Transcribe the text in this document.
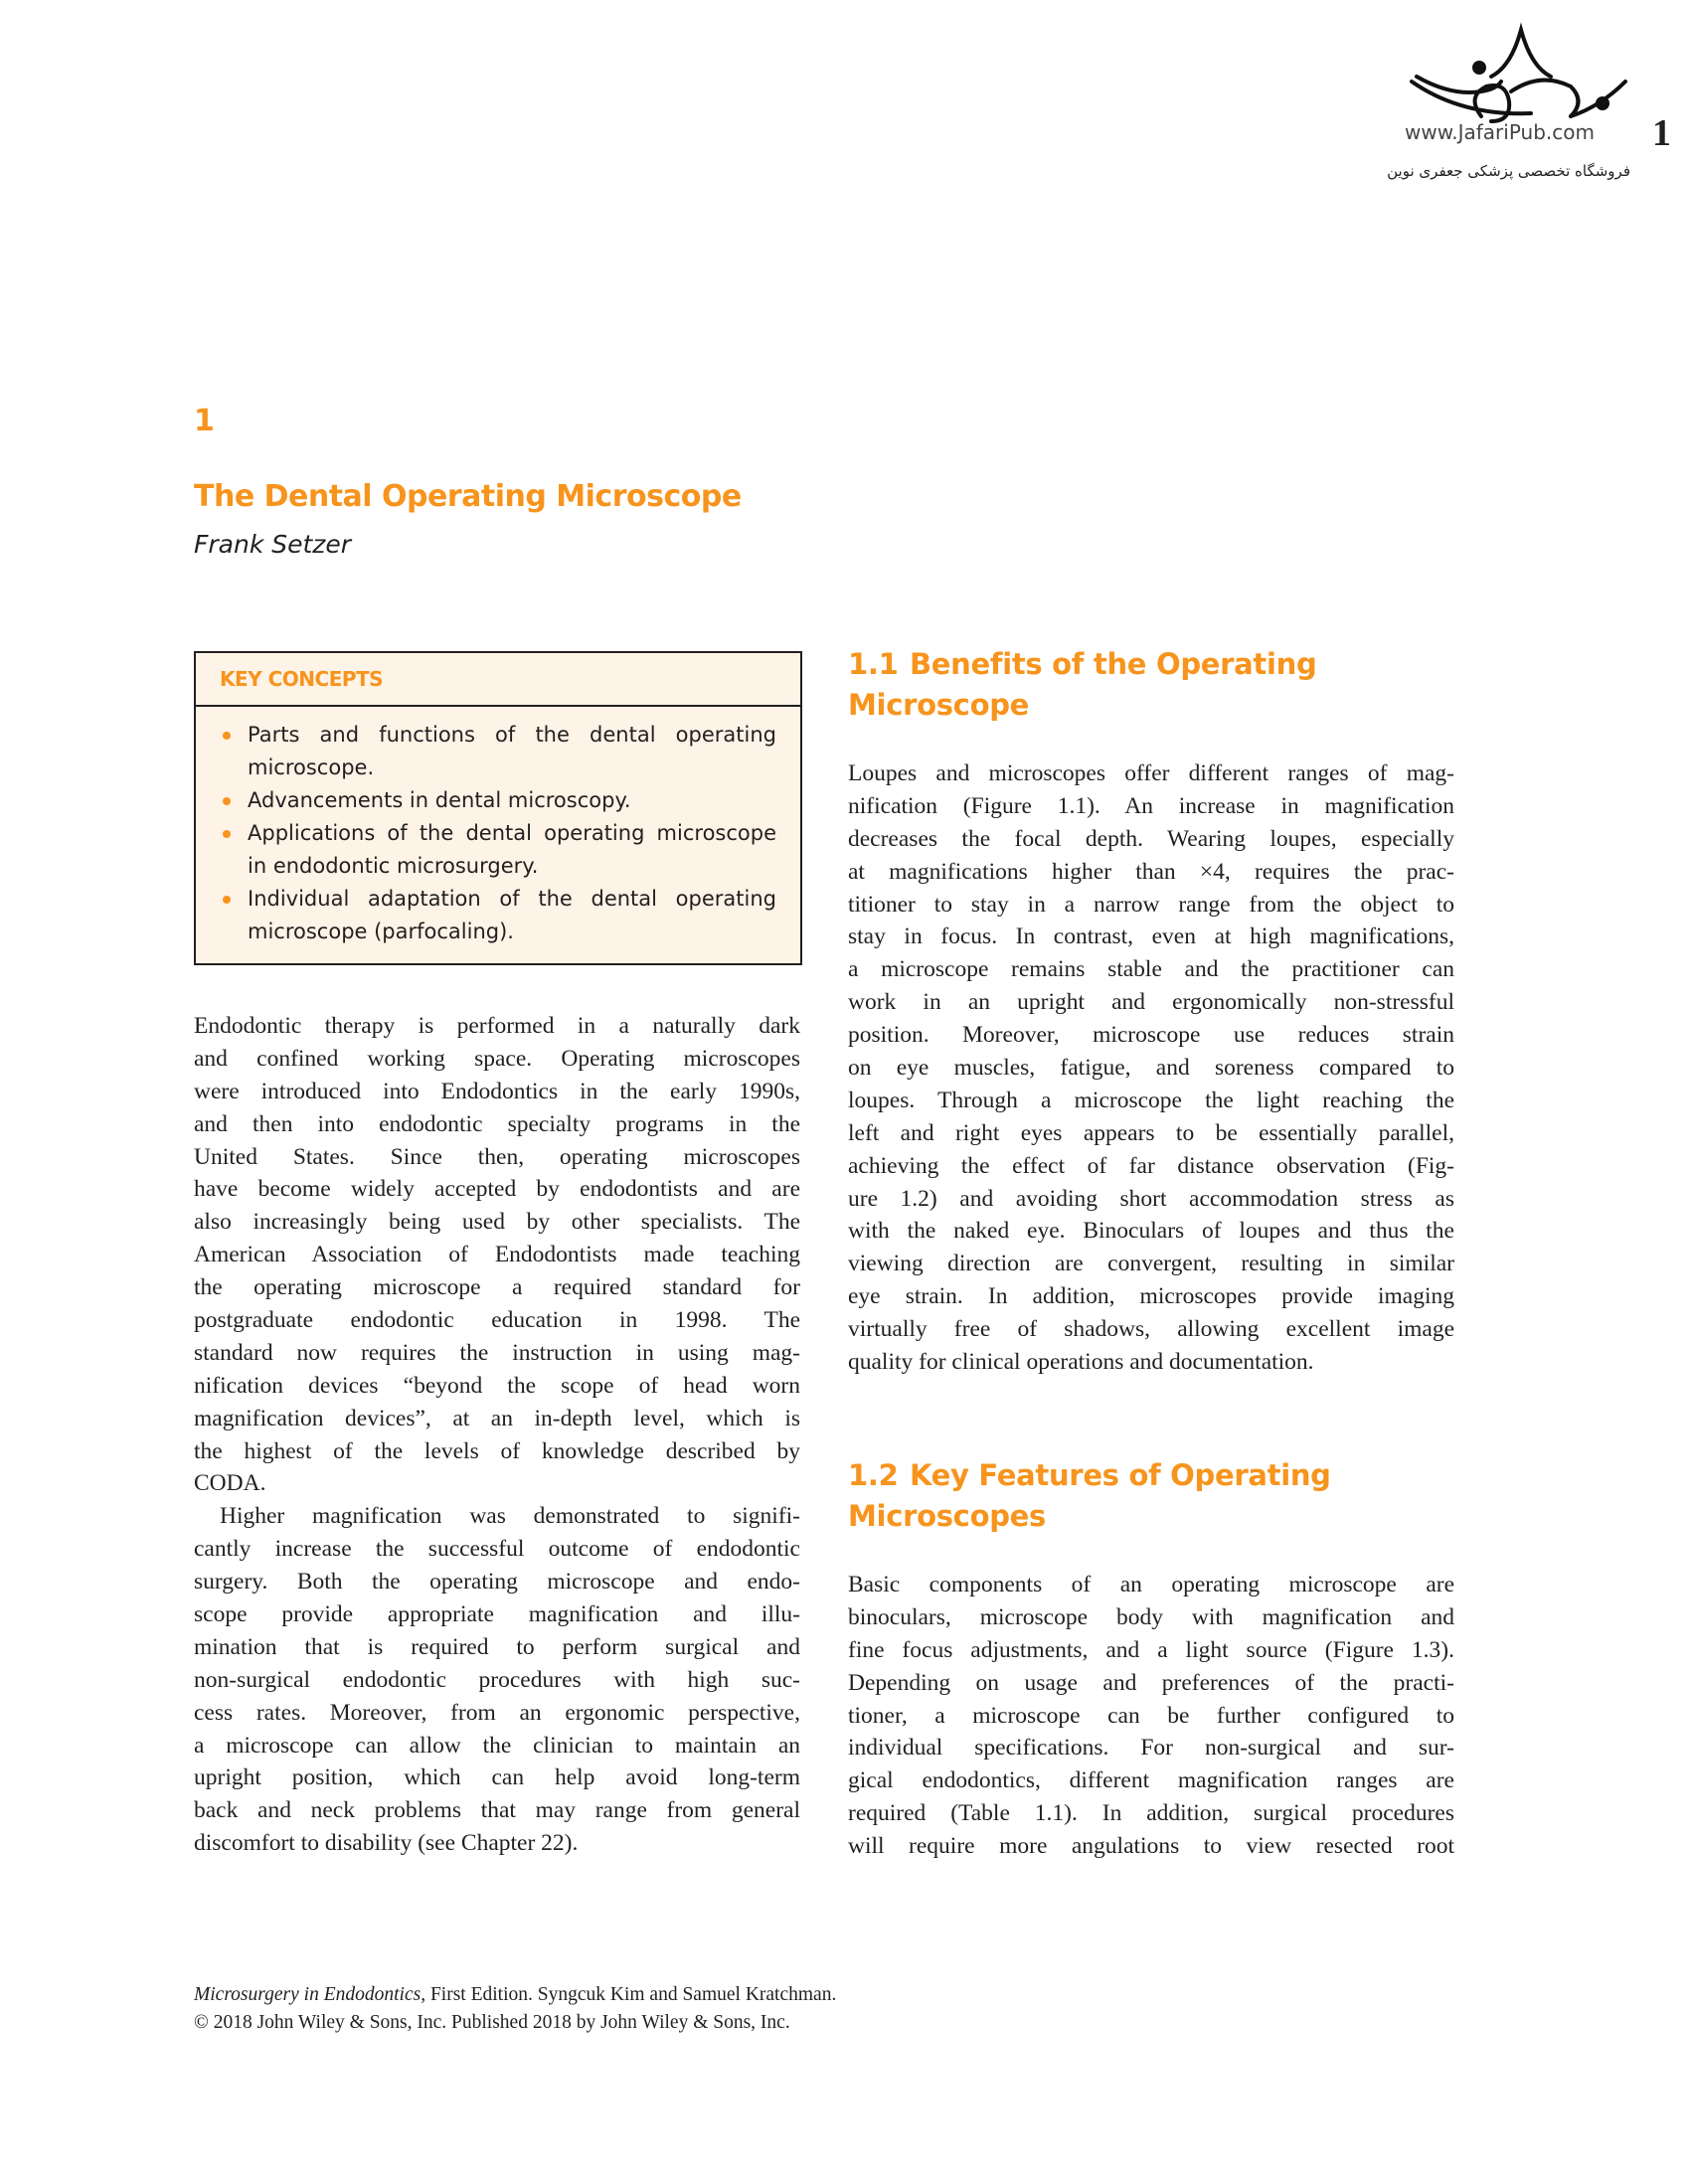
www.JafariPub.com
فروشگاه تخصصی پزشکی جعفری نوین
1
1
The Dental Operating Microscope
Frank Setzer
KEY CONCEPTS
Parts and functions of the dental operating
microscope.
Advancements in dental microscopy.
Applications of the dental operating microscope
in endodontic microsurgery.
Individual adaptation of the dental operating
microscope (parfocaling).
Endodontic therapy is performed in a naturally dark
and confined working space. Operating microscopes
were introduced into Endodontics in the early 1990s,
and then into endodontic specialty programs in the
United States. Since then, operating microscopes
have become widely accepted by endodontists and are
also increasingly being used by other specialists. The
American Association of Endodontists made teaching
the operating microscope a required standard for
postgraduate endodontic education in 1998. The
standard now requires the instruction in using mag-
nification devices “beyond the scope of head worn
magnification devices”, at an in-depth level, which is
the highest of the levels of knowledge described by
CODA.
Higher magnification was demonstrated to signifi-
cantly increase the successful outcome of endodontic
surgery. Both the operating microscope and endo-
scope provide appropriate magnification and illu-
mination that is required to perform surgical and
non-surgical endodontic procedures with high suc-
cess rates. Moreover, from an ergonomic perspective,
a microscope can allow the clinician to maintain an
upright position, which can help avoid long-term
back and neck problems that may range from general
discomfort to disability (see Chapter 22).
1.1 Benefits of the Operating
Microscope
Loupes and microscopes offer different ranges of mag-
nification (Figure 1.1). An increase in magnification
decreases the focal depth. Wearing loupes, especially
at magnifications higher than ×4, requires the prac-
titioner to stay in a narrow range from the object to
stay in focus. In contrast, even at high magnifications,
a microscope remains stable and the practitioner can
work in an upright and ergonomically non-stressful
position. Moreover, microscope use reduces strain
on eye muscles, fatigue, and soreness compared to
loupes. Through a microscope the light reaching the
left and right eyes appears to be essentially parallel,
achieving the effect of far distance observation (Fig-
ure 1.2) and avoiding short accommodation stress as
with the naked eye. Binoculars of loupes and thus the
viewing direction are convergent, resulting in similar
eye strain. In addition, microscopes provide imaging
virtually free of shadows, allowing excellent image
quality for clinical operations and documentation.
1.2 Key Features of Operating
Microscopes
Basic components of an operating microscope are
binoculars, microscope body with magnification and
fine focus adjustments, and a light source (Figure 1.3).
Depending on usage and preferences of the practi-
tioner, a microscope can be further configured to
individual specifications. For non-surgical and sur-
gical endodontics, different magnification ranges are
required (Table 1.1). In addition, surgical procedures
will require more angulations to view resected root
Microsurgery in Endodontics, First Edition. Syngcuk Kim and Samuel Kratchman.
© 2018 John Wiley & Sons, Inc. Published 2018 by John Wiley & Sons, Inc.
